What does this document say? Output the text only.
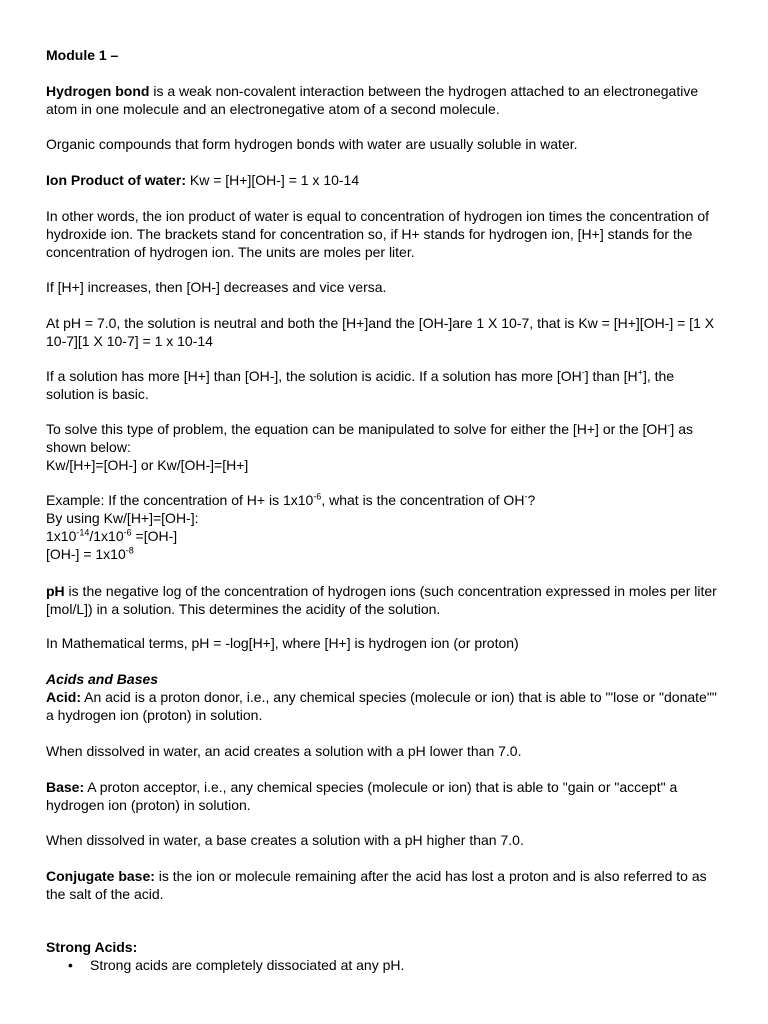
Module 1 –

Hydrogen bond is a weak non-covalent interaction between the hydrogen attached to an electronegative atom in one molecule and an electronegative atom of a second molecule.

Organic compounds that form hydrogen bonds with water are usually soluble in water.

Ion Product of water: Kw = [H+][OH-] = 1 x 10-14

In other words, the ion product of water is equal to concentration of hydrogen ion times the concentration of hydroxide ion. The brackets stand for concentration so, if H+ stands for hydrogen ion, [H+] stands for the concentration of hydrogen ion. The units are moles per liter.

If [H+] increases, then [OH-] decreases and vice versa.

At pH = 7.0, the solution is neutral and both the [H+]and the [OH-]are 1 X 10-7, that is Kw = [H+][OH-] = [1 X 10-7][1 X 10-7] = 1 x 10-14

If a solution has more [H+] than [OH-], the solution is acidic. If a solution has more [OH-] than [H+], the solution is basic.

To solve this type of problem, the equation can be manipulated to solve for either the [H+] or the [OH-] as shown below:
Kw/[H+]=[OH-] or Kw/[OH-]=[H+]

Example: If the concentration of H+ is $1x10^{-6}$, what is the concentration of OH-?
By using Kw/[H+]=[OH-]:
$1x10^{-14}/1x10^{-6} =[OH-]$
$[OH-] = 1x10^{-8}$

pH is the negative log of the concentration of hydrogen ions (such concentration expressed in moles per liter [mol/L]) in a solution. This determines the acidity of the solution.

In Mathematical terms, pH = -log[H+], where [H+] is hydrogen ion (or proton)

Acids and Bases

Acid: An acid is a proton donor, i.e., any chemical species (molecule or ion) that is able to "'lose or "donate"" a hydrogen ion (proton) in solution.

When dissolved in water, an acid creates a solution with a pH lower than 7.0.

Base: A proton acceptor, i.e., any chemical species (molecule or ion) that is able to "gain or "accept" a hydrogen ion (proton) in solution.

When dissolved in water, a base creates a solution with a pH higher than 7.0.

Conjugate base: is the ion or molecule remaining after the acid has lost a proton and is also referred to as the salt of the acid.

Strong Acids:

• Strong acids are completely dissociated at any pH.
